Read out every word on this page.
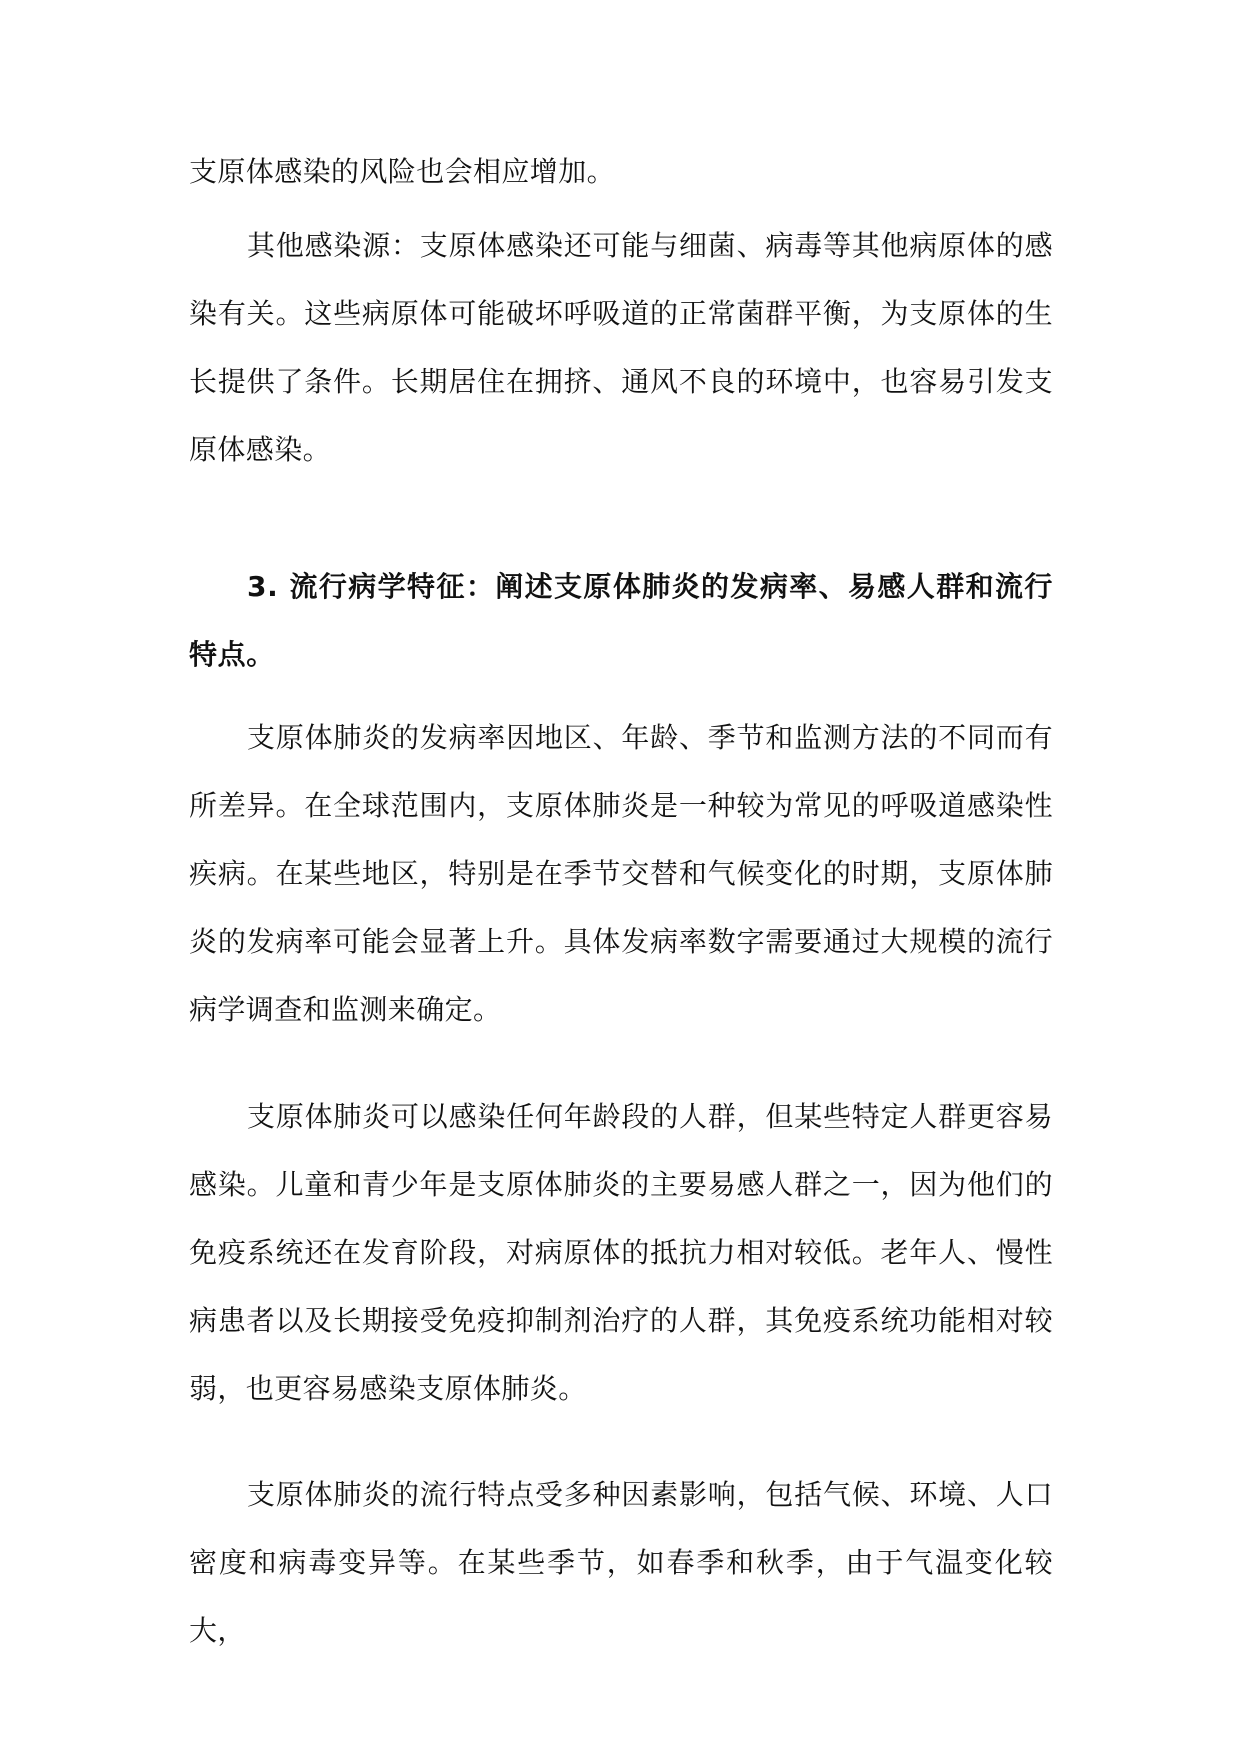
支原体感染的风险也会相应增加。

其他感染源：支原体感染还可能与细菌、病毒等其他病原体的感染有关。这些病原体可能破坏呼吸道的正常菌群平衡，为支原体的生长提供了条件。长期居住在拥挤、通风不良的环境中，也容易引发支原体感染。

3. 流行病学特征：阐述支原体肺炎的发病率、易感人群和流行特点。

支原体肺炎的发病率因地区、年龄、季节和监测方法的不同而有所差异。在全球范围内，支原体肺炎是一种较为常见的呼吸道感染性疾病。在某些地区，特别是在季节交替和气候变化的时期，支原体肺炎的发病率可能会显著上升。具体发病率数字需要通过大规模的流行病学调查和监测来确定。

支原体肺炎可以感染任何年龄段的人群，但某些特定人群更容易感染。儿童和青少年是支原体肺炎的主要易感人群之一，因为他们的免疫系统还在发育阶段，对病原体的抵抗力相对较低。老年人、慢性病患者以及长期接受免疫抑制剂治疗的人群，其免疫系统功能相对较弱，也更容易感染支原体肺炎。

支原体肺炎的流行特点受多种因素影响，包括气候、环境、人口密度和病毒变异等。在某些季节，如春季和秋季，由于气温变化较大，
